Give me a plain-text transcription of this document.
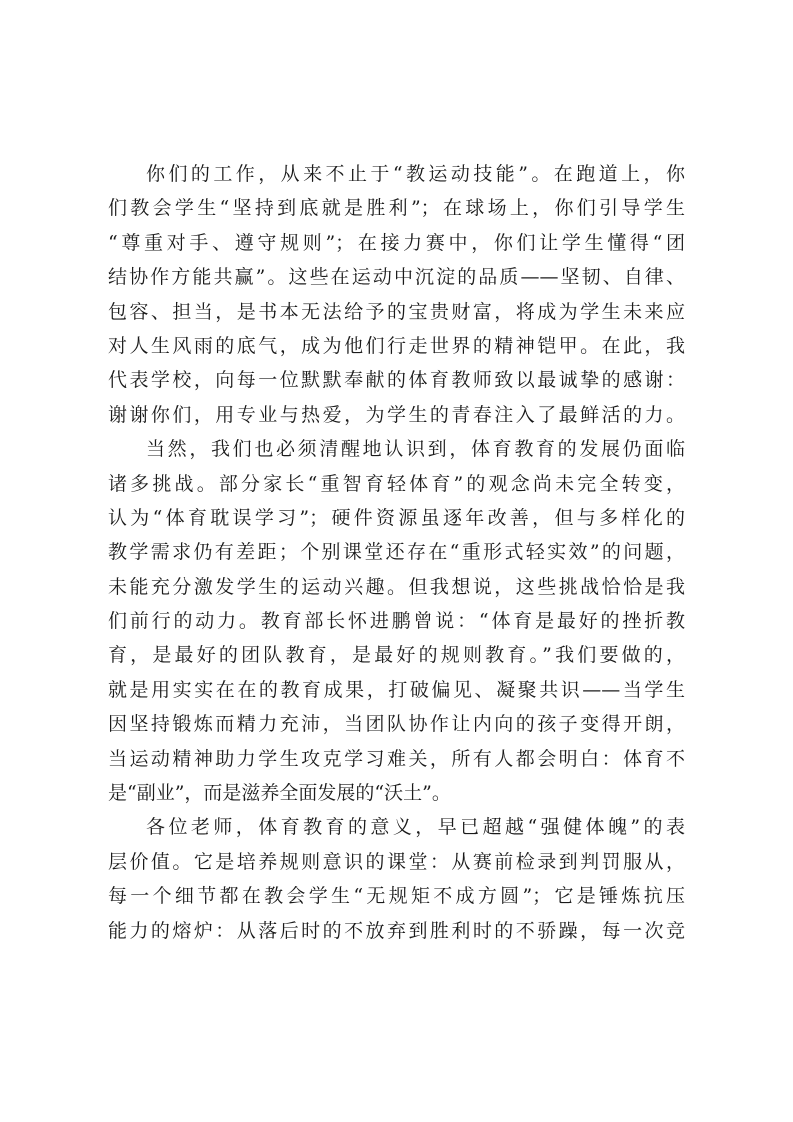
你们的工作，从来不止于“教运动技能”。在跑道上，你
们教会学生“坚持到底就是胜利”；在球场上，你们引导学生
“尊重对手、遵守规则”；在接力赛中，你们让学生懂得“团
结协作方能共赢”。这些在运动中沉淀的品质——坚韧、自律、
包容、担当，是书本无法给予的宝贵财富，将成为学生未来应
对人生风雨的底气，成为他们行走世界的精神铠甲。在此，我
代表学校，向每一位默默奉献的体育教师致以最诚挚的感谢：
谢谢你们，用专业与热爱，为学生的青春注入了最鲜活的力。
当然，我们也必须清醒地认识到，体育教育的发展仍面临
诸多挑战。部分家长“重智育轻体育”的观念尚未完全转变，
认为“体育耽误学习”；硬件资源虽逐年改善，但与多样化的
教学需求仍有差距；个别课堂还存在“重形式轻实效”的问题，
未能充分激发学生的运动兴趣。但我想说，这些挑战恰恰是我
们前行的动力。教育部长怀进鹏曾说：“体育是最好的挫折教
育，是最好的团队教育，是最好的规则教育。”我们要做的，
就是用实实在在的教育成果，打破偏见、凝聚共识——当学生
因坚持锻炼而精力充沛，当团队协作让内向的孩子变得开朗，
当运动精神助力学生攻克学习难关，所有人都会明白：体育不
是“副业”，而是滋养全面发展的“沃土”。
各位老师，体育教育的意义，早已超越“强健体魄”的表
层价值。它是培养规则意识的课堂：从赛前检录到判罚服从，
每一个细节都在教会学生“无规矩不成方圆”；它是锤炼抗压
能力的熔炉：从落后时的不放弃到胜利时的不骄躁，每一次竞
